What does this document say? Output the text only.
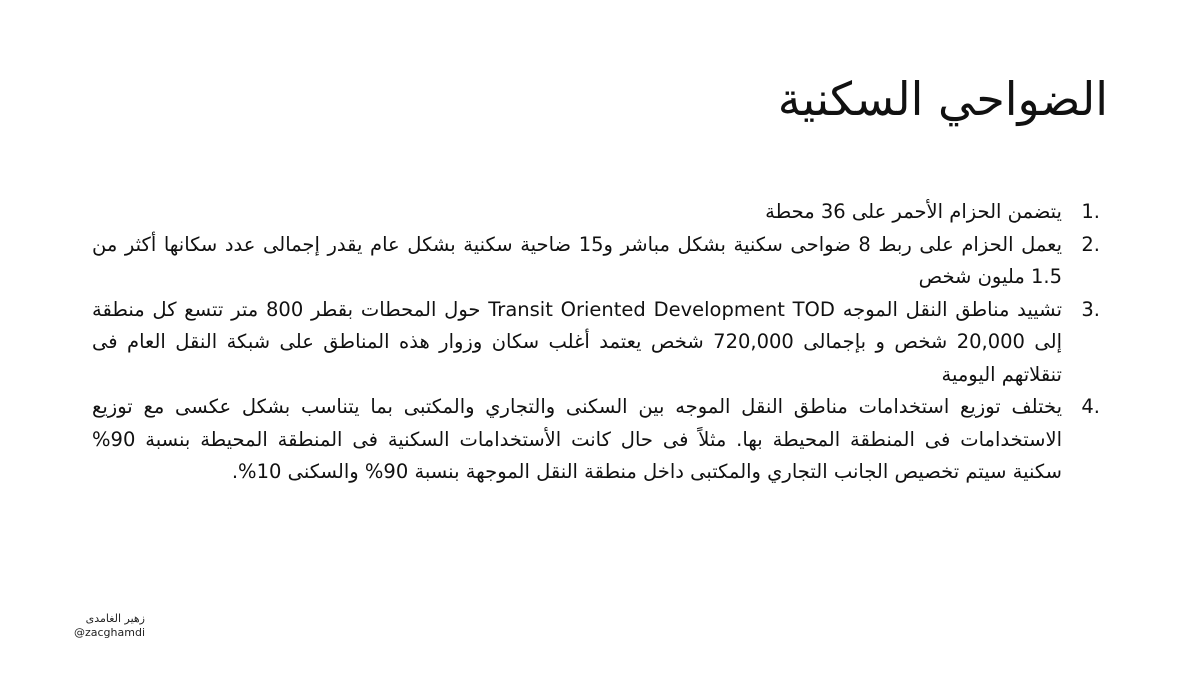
الضواحي السكنية
1.
يتضمن الحزام الأحمر على 36 محطة
2.
يعمل الحزام على ربط 8 ضواحى سكنية بشكل مباشر و15 ضاحية سكنية بشكل عام يقدر إجمالى عدد سكانها أكثر من 1.5 مليون شخص
3.
تشييد مناطق النقل الموجه Transit Oriented Development TOD حول المحطات بقطر 800 متر تتسع كل منطقة إلى 20,000 شخص و بإجمالى 720,000 شخص يعتمد أغلب سكان وزوار هذه المناطق على شبكة النقل العام فى تنقلاتهم اليومية
4.
يختلف توزيع استخدامات مناطق النقل الموجه بين السكنى والتجاري والمكتبى بما يتناسب بشكل عكسى مع توزيع الاستخدامات فى المنطقة المحيطة بها. مثلاً فى حال كانت الأستخدامات السكنية فى المنطقة المحيطة بنسبة 90% سكنية سيتم تخصيص الجانب التجاري والمكتبى داخل منطقة النقل الموجهة بنسبة 90% والسكنى 10%.
زهير الغامدى
@zacghamdi
